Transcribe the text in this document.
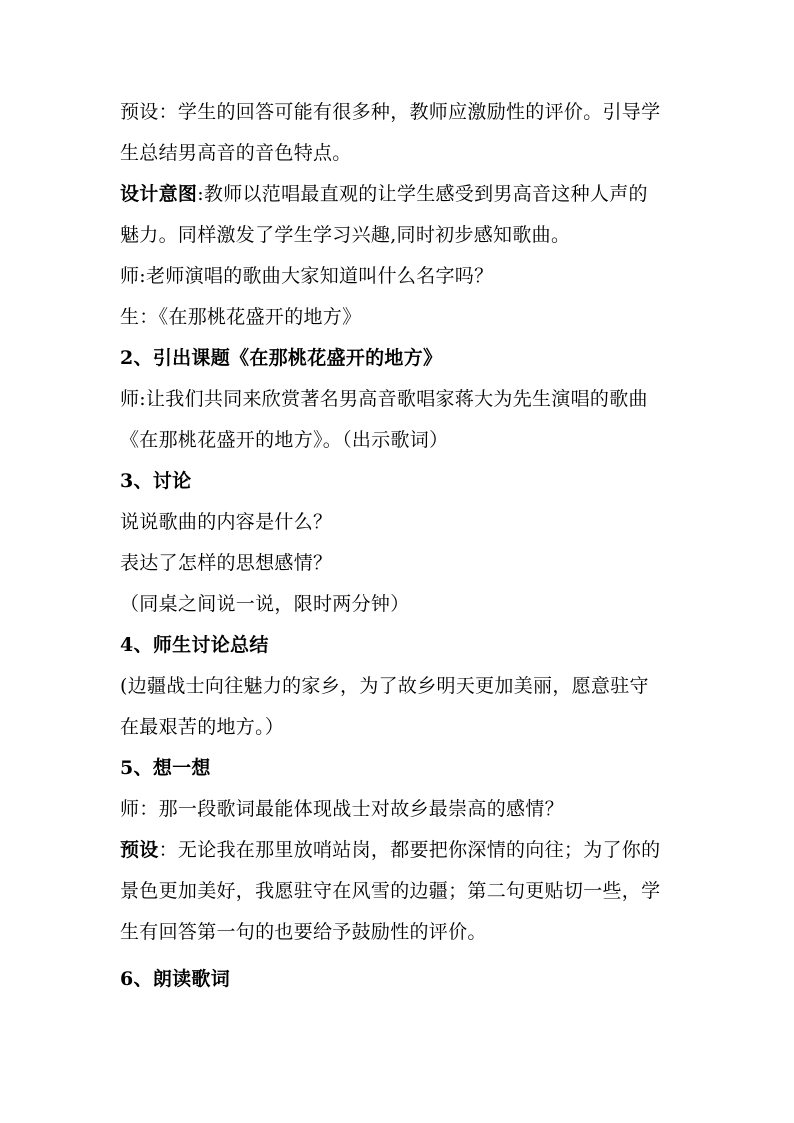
预设：学生的回答可能有很多种，教师应激励性的评价。引导学
生总结男高音的音色特点。
设计意图:教师以范唱最直观的让学生感受到男高音这种人声的
魅力。同样激发了学生学习兴趣,同时初步感知歌曲。
师:老师演唱的歌曲大家知道叫什么名字吗？
生：《在那桃花盛开的地方》
2、引出课题《在那桃花盛开的地方》
师:让我们共同来欣赏著名男高音歌唱家蒋大为先生演唱的歌曲
《在那桃花盛开的地方》。（出示歌词）
3、讨论
说说歌曲的内容是什么？
表达了怎样的思想感情？
（同桌之间说一说，限时两分钟）
4、师生讨论总结
(边疆战士向往魅力的家乡，为了故乡明天更加美丽，愿意驻守
在最艰苦的地方。）
5、想一想
师：那一段歌词最能体现战士对故乡最崇高的感情？
预设：无论我在那里放哨站岗，都要把你深情的向往；为了你的
景色更加美好，我愿驻守在风雪的边疆；第二句更贴切一些，学
生有回答第一句的也要给予鼓励性的评价。
6、朗读歌词
